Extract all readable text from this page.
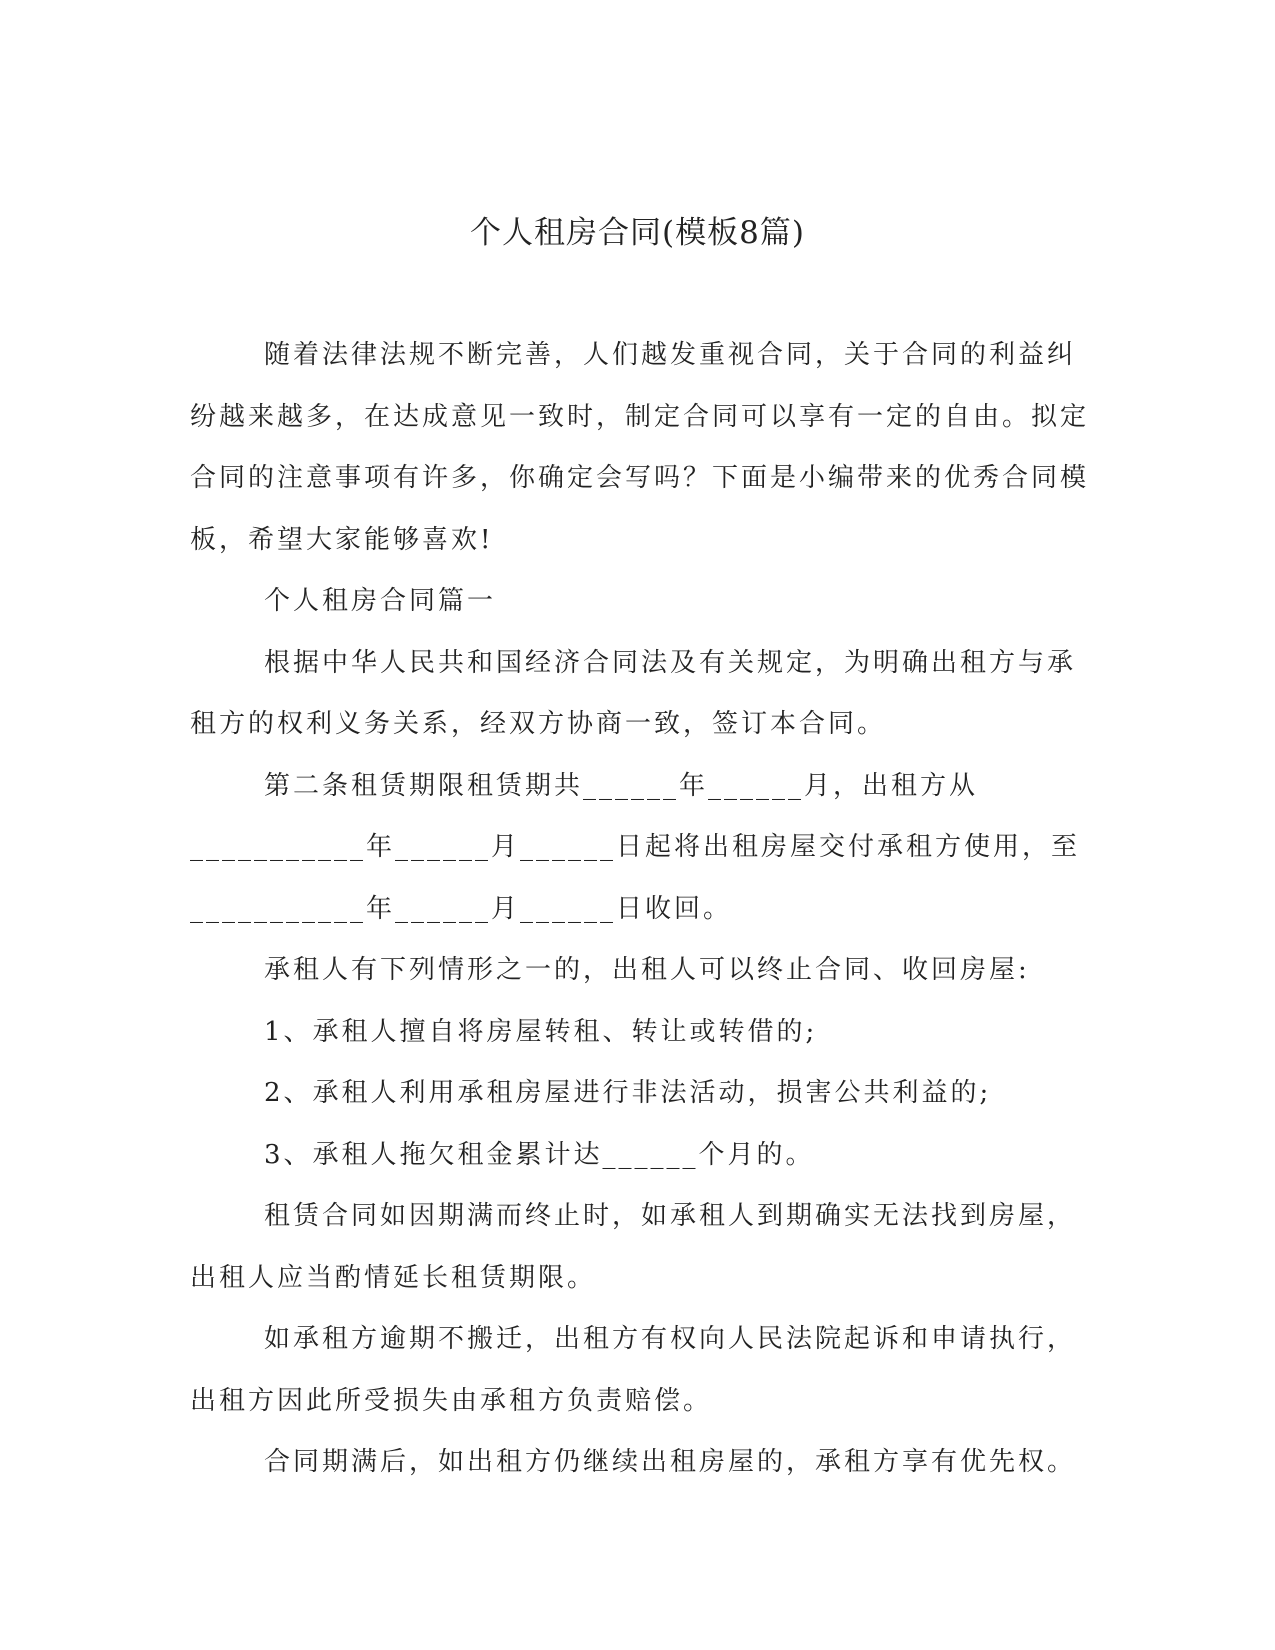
个人租房合同(模板8篇)

随着法律法规不断完善，人们越发重视合同，关于合同的利益纠纷越来越多，在达成意见一致时，制定合同可以享有一定的自由。拟定合同的注意事项有许多，你确定会写吗？下面是小编带来的优秀合同模板，希望大家能够喜欢!

个人租房合同篇一

根据中华人民共和国经济合同法及有关规定，为明确出租方与承租方的权利义务关系，经双方协商一致，签订本合同。

第二条租赁期限租赁期共______年______月，出租方从___________年______月______日起将出租房屋交付承租方使用，至___________年______月______日收回。

承租人有下列情形之一的，出租人可以终止合同、收回房屋:

1、承租人擅自将房屋转租、转让或转借的;

2、承租人利用承租房屋进行非法活动，损害公共利益的;

3、承租人拖欠租金累计达______个月的。

租赁合同如因期满而终止时，如承租人到期确实无法找到房屋，出租人应当酌情延长租赁期限。

如承租方逾期不搬迁，出租方有权向人民法院起诉和申请执行，出租方因此所受损失由承租方负责赔偿。

合同期满后，如出租方仍继续出租房屋的，承租方享有优先权。
